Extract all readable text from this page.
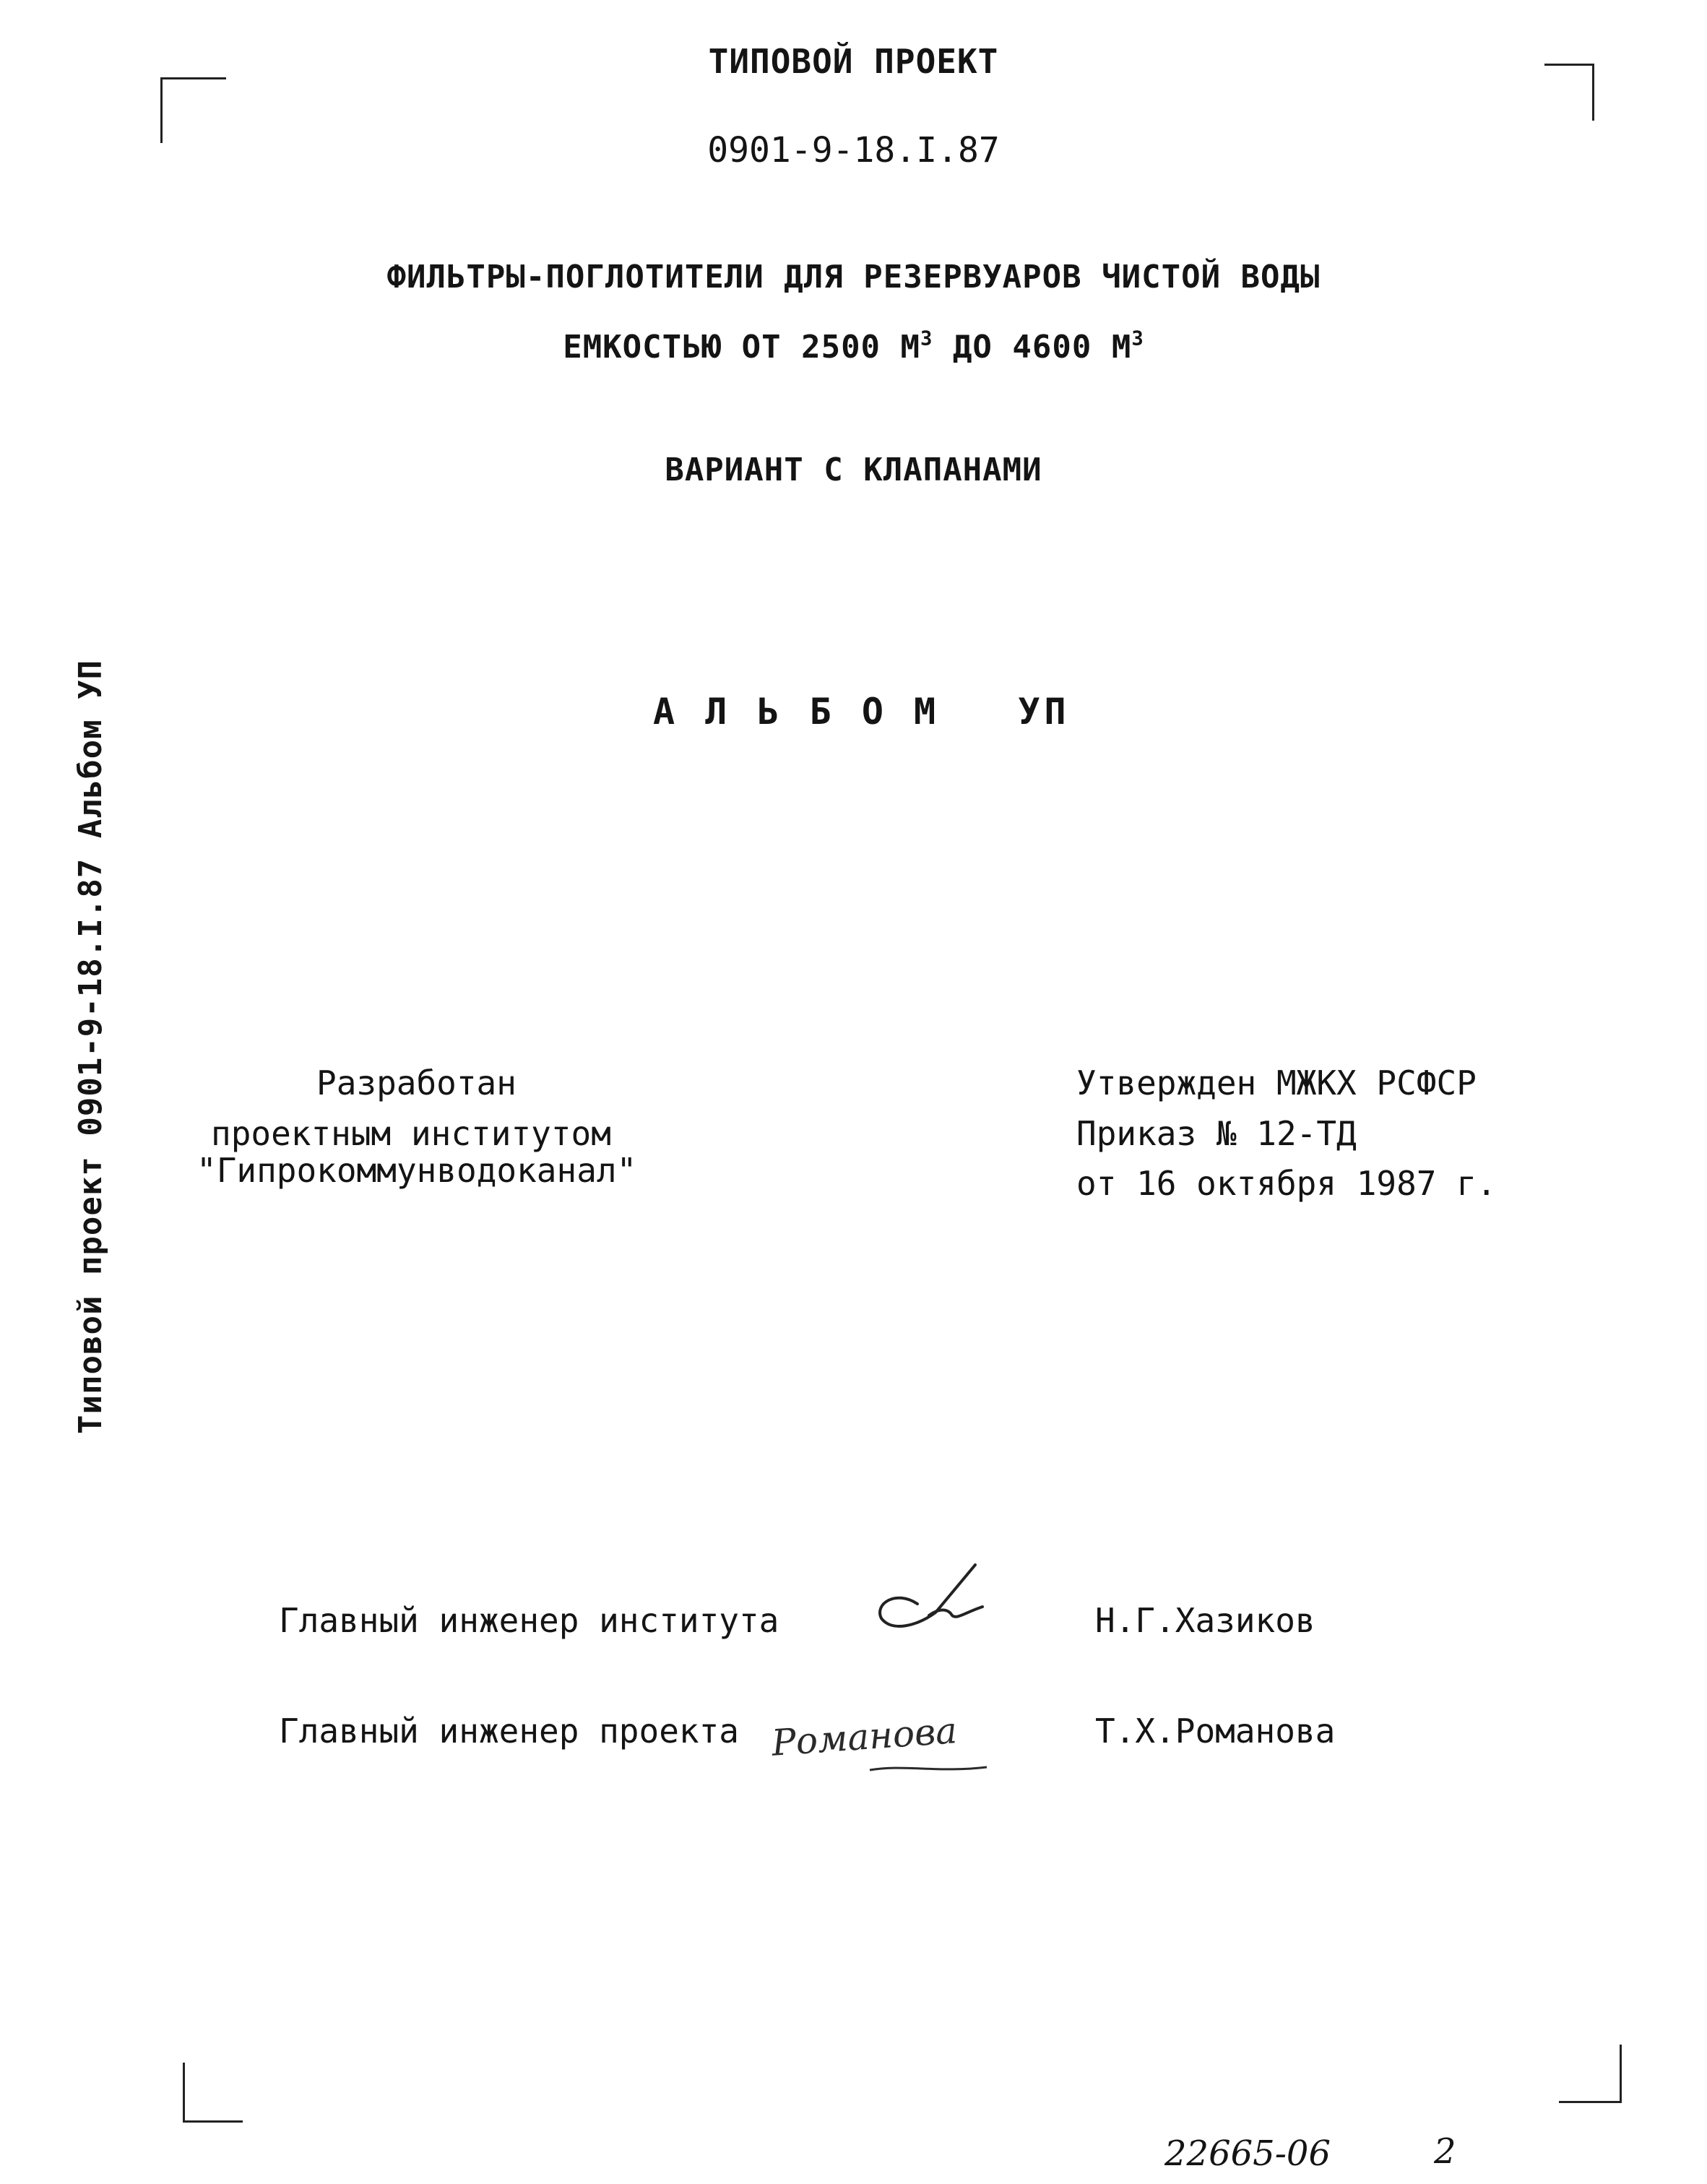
ТИПОВОЙ ПРОЕКТ
0901-9-18.I.87
ФИЛЬТРЫ-ПОГЛОТИТЕЛИ ДЛЯ РЕЗЕРВУАРОВ ЧИСТОЙ ВОДЫ
ЕМКОСТЬЮ ОТ 2500 $М^3$ ДО 4600 $М^3$
ВАРИАНТ С КЛАПАНАМИ
А Л Ь Б О М   УП
Типовой проект 0901-9-18.I.87 Альбом УП	Разработан
проектным институтом
"Гипрокоммунводоканал"
Утвержден МЖКХ РСФСР
Приказ № 12-ТД
от 16 октября 1987 г.
Главный инженер института	Н.Г.Хазиков
Главный инженер проекта Романова	Т.Х.Романова
22665-06	2
